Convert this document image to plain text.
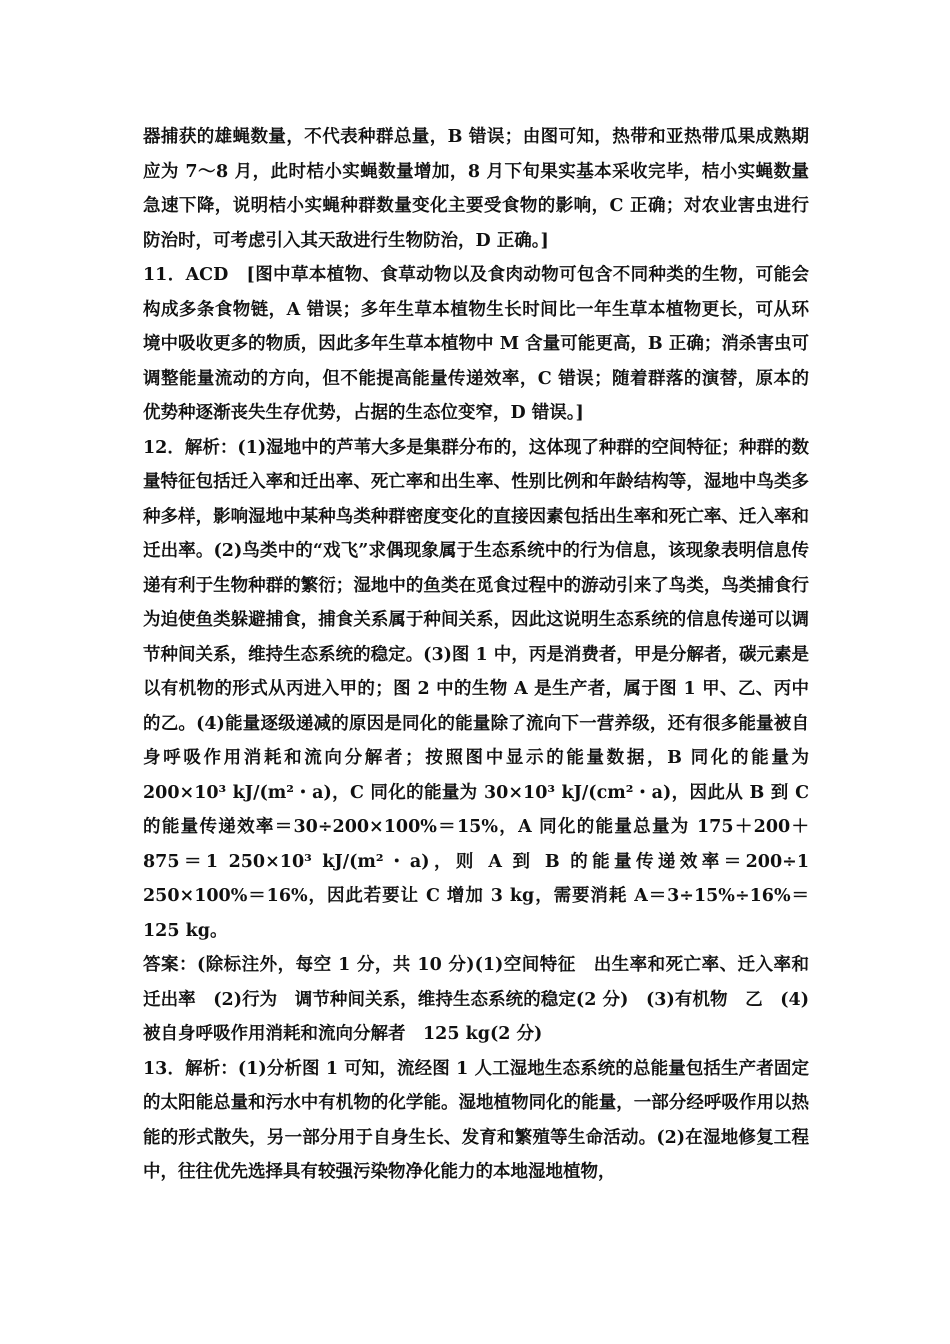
器捕获的雄蝇数量，不代表种群总量，B 错误；由图可知，热带和亚热带瓜果成熟期应为 7～8 月，此时桔小实蝇数量增加，8 月下旬果实基本采收完毕，桔小实蝇数量急速下降，说明桔小实蝇种群数量变化主要受食物的影响，C 正确；对农业害虫进行防治时，可考虑引入其天敌进行生物防治，D 正确。]

11．ACD　[图中草本植物、食草动物以及食肉动物可包含不同种类的生物，可能会构成多条食物链，A 错误；多年生草本植物生长时间比一年生草本植物更长，可从环境中吸收更多的物质，因此多年生草本植物中 M 含量可能更高，B 正确；消杀害虫可调整能量流动的方向，但不能提高能量传递效率，C 错误；随着群落的演替，原本的优势种逐渐丧失生存优势，占据的生态位变窄，D 错误。]

12．解析：(1)湿地中的芦苇大多是集群分布的，这体现了种群的空间特征；种群的数量特征包括迁入率和迁出率、死亡率和出生率、性别比例和年龄结构等，湿地中鸟类多种多样，影响湿地中某种鸟类种群密度变化的直接因素包括出生率和死亡率、迁入率和迁出率。(2)鸟类中的“戏飞”求偶现象属于生态系统中的行为信息，该现象表明信息传递有利于生物种群的繁衍；湿地中的鱼类在觅食过程中的游动引来了鸟类，鸟类捕食行为迫使鱼类躲避捕食，捕食关系属于种间关系，因此这说明生态系统的信息传递可以调节种间关系，维持生态系统的稳定。(3)图 1 中，丙是消费者，甲是分解者，碳元素是以有机物的形式从丙进入甲的；图 2 中的生物 A 是生产者，属于图 1 甲、乙、丙中的乙。(4)能量逐级递减的原因是同化的能量除了流向下一营养级，还有很多能量被自身呼吸作用消耗和流向分解者；按照图中显示的能量数据，B 同化的能量为 200×10³ kJ/(m²・a)，C 同化的能量为 30×10³ kJ/(cm²・a)，因此从 B 到 C 的能量传递效率＝30÷200×100%＝15%，A 同化的能量总量为 175＋200＋875＝1 250×10³ kJ/(m²・a)，则 A 到 B 的能量传递效率＝200÷1 250×100%＝16%，因此若要让 C 增加 3 kg，需要消耗 A＝3÷15%÷16%＝125 kg。

答案：(除标注外，每空 1 分，共 10 分)(1)空间特征　出生率和死亡率、迁入率和迁出率　(2)行为　调节种间关系，维持生态系统的稳定(2 分)　(3)有机物　乙　(4)被自身呼吸作用消耗和流向分解者　125 kg(2 分)

13．解析：(1)分析图 1 可知，流经图 1 人工湿地生态系统的总能量包括生产者固定的太阳能总量和污水中有机物的化学能。湿地植物同化的能量，一部分经呼吸作用以热能的形式散失，另一部分用于自身生长、发育和繁殖等生命活动。(2)在湿地修复工程中，往往优先选择具有较强污染物净化能力的本地湿地植物，
